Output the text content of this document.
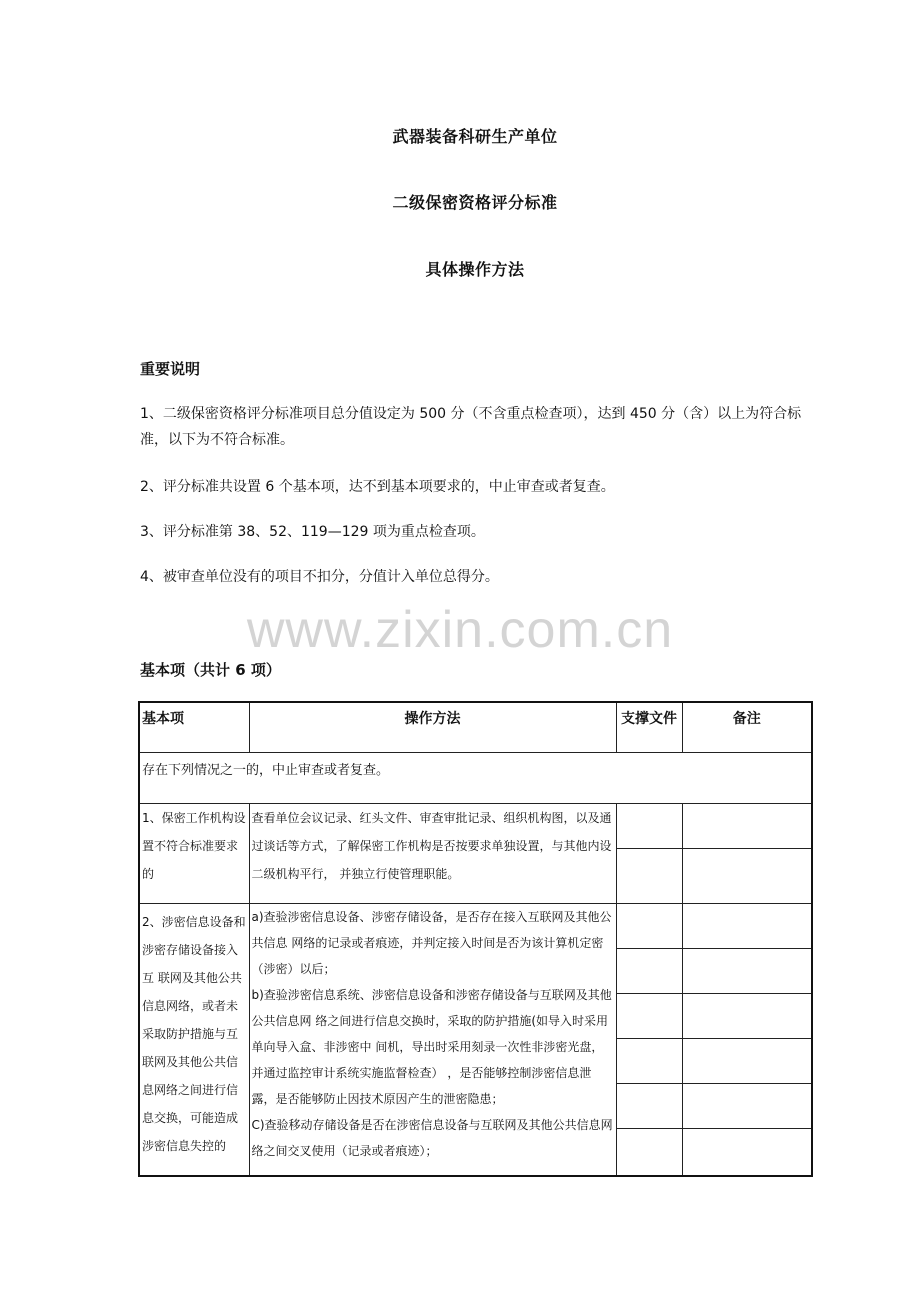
武器装备科研生产单位
二级保密资格评分标准
具体操作方法
重要说明
1、二级保密资格评分标准项目总分值设定为 500 分（不含重点检查项），达到 450 分（含）以上为符合标准，以下为不符合标准。
2、评分标准共设置 6 个基本项，达不到基本项要求的，中止审查或者复查。
3、评分标准第 38、52、119—129 项为重点检查项。
4、被审查单位没有的项目不扣分，分值计入单位总得分。
www.zixin.com.cn
基本项（共计 6 项）
基本项	操作方法	支撑文件	备注
存在下列情况之一的，中止审查或者复查。			

1、保密工作机构设置不符合标准要求的	查看单位会议记录、红头文件、审查审批记录、组织机构图，以及通过谈话等方式，了解保密工作机构是否按要求单独设置，与其他内设二级机构平行， 并独立行使管理职能。		

2、涉密信息设备和涉密存储设备接入互 联网及其他公共信息网络，或者未采取防护措施与互联网及其他公共信息网络之间进行信息交换，可能造成涉密信息失控的	a)查验涉密信息设备、涉密存储设备，是否存在接入互联网及其他公共信息 网络的记录或者痕迹，并判定接入时间是否为该计算机定密（涉密）以后；
b)查验涉密信息系统、涉密信息设备和涉密存储设备与互联网及其他公共信息网 络之间进行信息交换时，采取的防护措施(如导入时采用单向导入盒、非涉密中 间机，导出时采用刻录一次性非涉密光盘，并通过监控审计系统实施监督检查） ，是否能够控制涉密信息泄露，是否能够防止因技术原因产生的泄密隐患；
C)查验移动存储设备是否在涉密信息设备与互联网及其他公共信息网络之间交叉使用（记录或者痕迹）；		
